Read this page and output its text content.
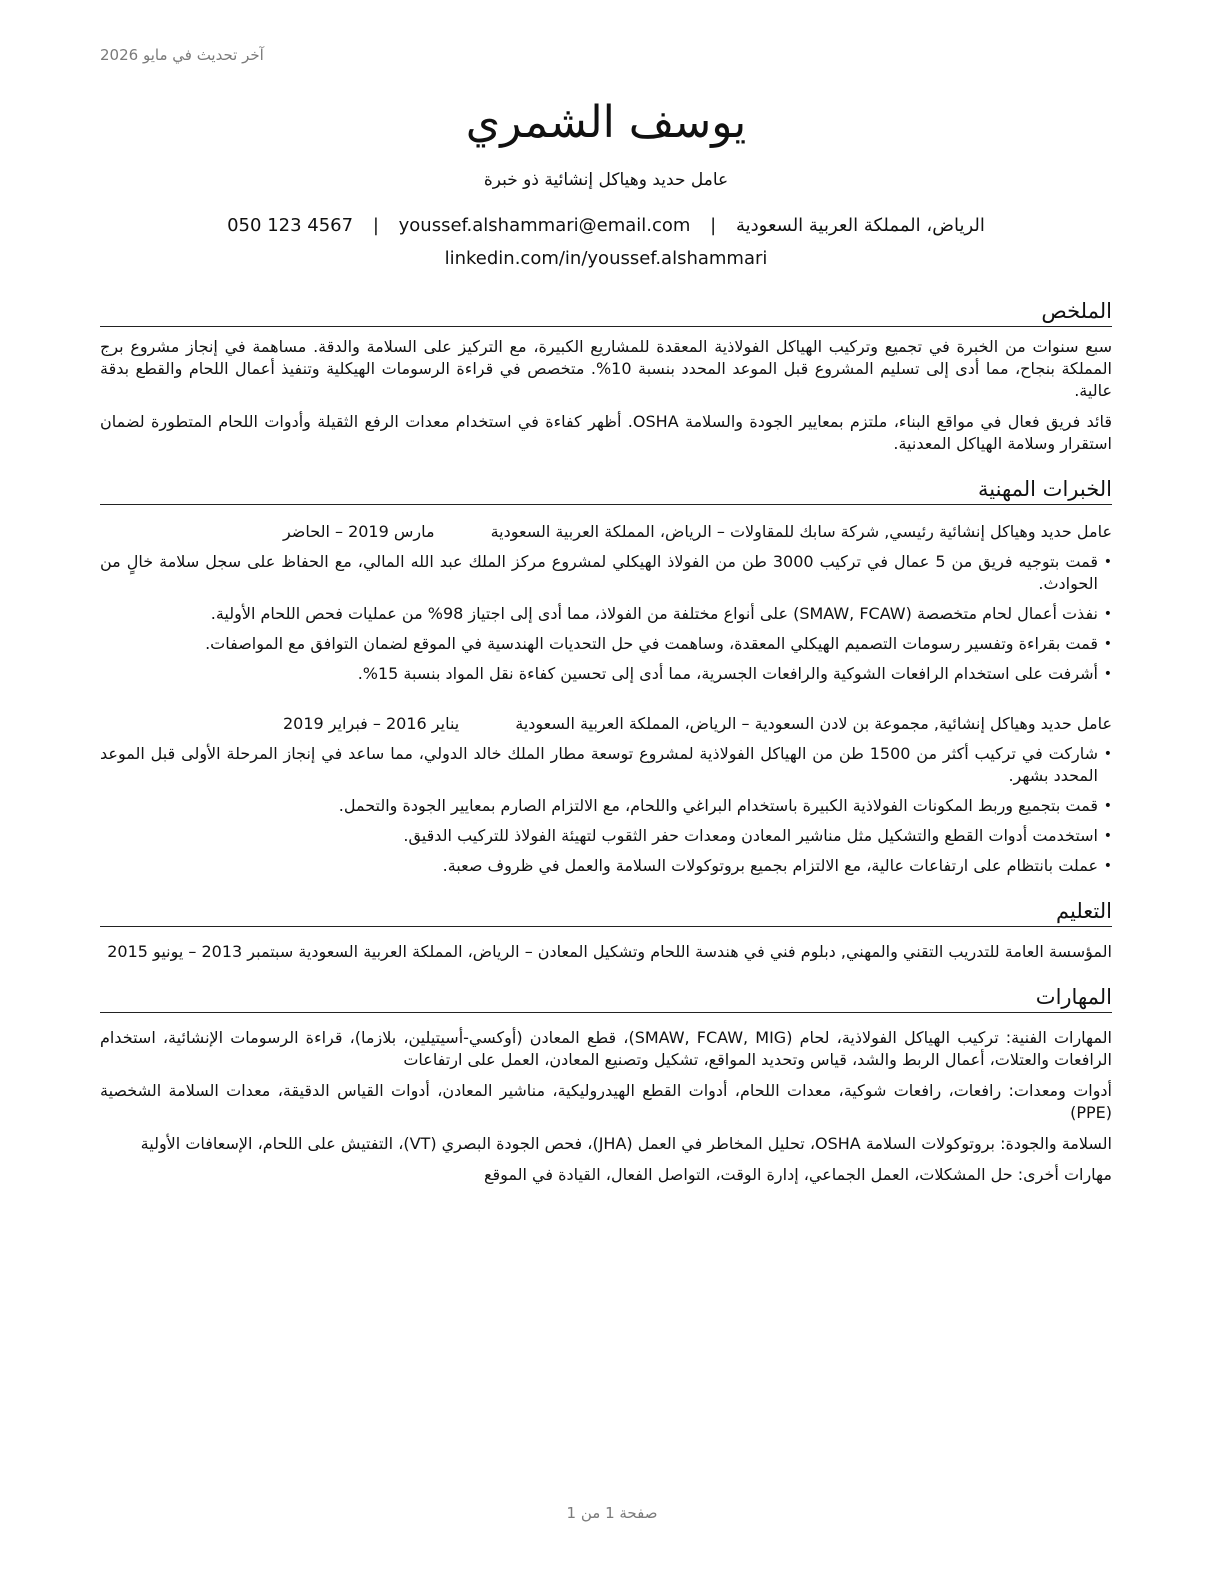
آخر تحديث في مايو 2026
يوسف الشمري
عامل حديد وهياكل إنشائية ذو خبرة
الرياض، المملكة العربية السعودية | youssef.alshammari@email.com | 050 123 4567
linkedin.com/in/youssef.alshammari
الملخص

سبع سنوات من الخبرة في تجميع وتركيب الهياكل الفولاذية المعقدة للمشاريع الكبيرة، مع التركيز على السلامة والدقة. مساهمة في إنجاز مشروع برج المملكة بنجاح، مما أدى إلى تسليم المشروع قبل الموعد المحدد بنسبة 10%. متخصص في قراءة الرسومات الهيكلية وتنفيذ أعمال اللحام والقطع بدقة عالية.

قائد فريق فعال في مواقع البناء، ملتزم بمعايير الجودة والسلامة OSHA. أظهر كفاءة في استخدام معدات الرفع الثقيلة وأدوات اللحام المتطورة لضمان استقرار وسلامة الهياكل المعدنية.

الخبرات المهنية
عامل حديد وهياكل إنشائية رئيسي, شركة سابك للمقاولات – الرياض، المملكة العربية السعودية
مارس 2019 – الحاضر
•
قمت بتوجيه فريق من 5 عمال في تركيب 3000 طن من الفولاذ الهيكلي لمشروع مركز الملك عبد الله المالي، مع الحفاظ على سجل سلامة خالٍ من الحوادث.
•
نفذت أعمال لحام متخصصة (SMAW, FCAW) على أنواع مختلفة من الفولاذ، مما أدى إلى اجتياز 98% من عمليات فحص اللحام الأولية.
•
قمت بقراءة وتفسير رسومات التصميم الهيكلي المعقدة، وساهمت في حل التحديات الهندسية في الموقع لضمان التوافق مع المواصفات.
•
أشرفت على استخدام الرافعات الشوكية والرافعات الجسرية، مما أدى إلى تحسين كفاءة نقل المواد بنسبة 15%.
عامل حديد وهياكل إنشائية, مجموعة بن لادن السعودية – الرياض، المملكة العربية السعودية
يناير 2016 – فبراير 2019
•
شاركت في تركيب أكثر من 1500 طن من الهياكل الفولاذية لمشروع توسعة مطار الملك خالد الدولي، مما ساعد في إنجاز المرحلة الأولى قبل الموعد المحدد بشهر.
•
قمت بتجميع وربط المكونات الفولاذية الكبيرة باستخدام البراغي واللحام، مع الالتزام الصارم بمعايير الجودة والتحمل.
•
استخدمت أدوات القطع والتشكيل مثل مناشير المعادن ومعدات حفر الثقوب لتهيئة الفولاذ للتركيب الدقيق.
•
عملت بانتظام على ارتفاعات عالية، مع الالتزام بجميع بروتوكولات السلامة والعمل في ظروف صعبة.
التعليم
المؤسسة العامة للتدريب التقني والمهني, دبلوم فني في هندسة اللحام وتشكيل المعادن – الرياض، المملكة العربية السعودية سبتمبر 2013 – يونيو 2015
المهارات

المهارات الفنية: تركيب الهياكل الفولاذية، لحام (SMAW, FCAW, MIG)، قطع المعادن (أوكسي-أسيتيلين، بلازما)، قراءة الرسومات الإنشائية، استخدام الرافعات والعتلات، أعمال الربط والشد، قياس وتحديد المواقع، تشكيل وتصنيع المعادن، العمل على ارتفاعات

أدوات ومعدات: رافعات، رافعات شوكية، معدات اللحام، أدوات القطع الهيدروليكية، مناشير المعادن، أدوات القياس الدقيقة، معدات السلامة الشخصية (PPE)

السلامة والجودة: بروتوكولات السلامة OSHA، تحليل المخاطر في العمل (JHA)، فحص الجودة البصري (VT)، التفتيش على اللحام، الإسعافات الأولية

مهارات أخرى: حل المشكلات، العمل الجماعي، إدارة الوقت، التواصل الفعال، القيادة في الموقع

صفحة 1 من 1
